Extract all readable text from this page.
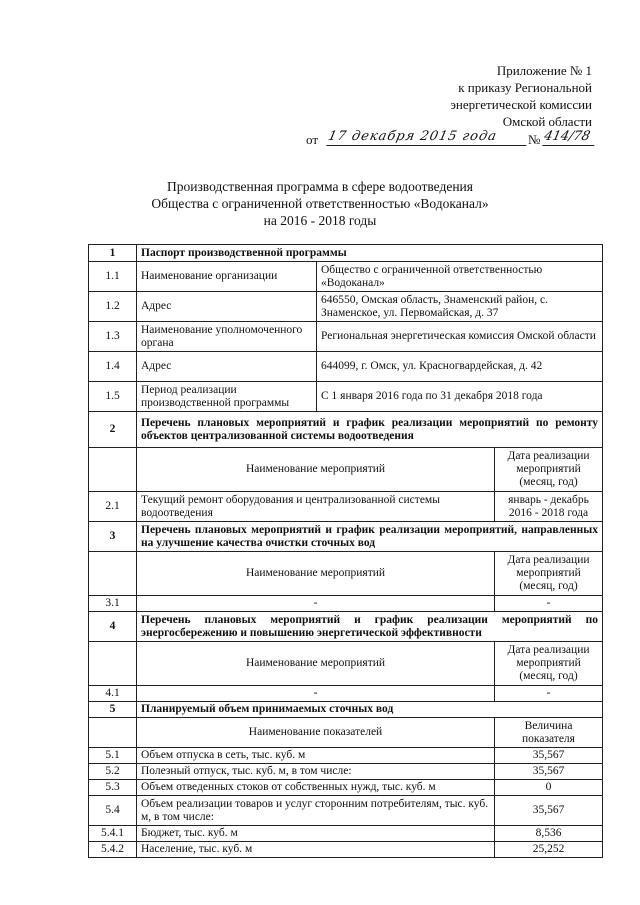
Приложение № 1
к приказу Региональной
энергетической комиссии
Омской области
от 17 декабря 2015 года	№ 414/78
Производственная программа в сфере водоотведения
Общества с ограниченной ответственностью «Водоканал»
на 2016 - 2018 годы
1	Паспорт производственной программы		
1.1	Наименование организации	Общество с ограниченной ответственностью «Водоканал»	
1.2	Адрес	646550, Омская область, Знаменский район, с. Знаменское, ул. Первомайская, д. 37	
1.3	Наименование уполномоченного органа	Региональная энергетическая комиссия Омской области	
1.4	Адрес	644099, г. Омск, ул. Красногвардейская, д. 42	
1.5	Период реализации производственной программы	С 1 января 2016 года по 31 декабря 2018 года	
2	Перечень плановых мероприятий и график реализации мероприятий по ремонту объектов централизованной системы водоотведения		
	Наименование мероприятий		Дата реализации мероприятий (месяц, год)
2.1	Текущий ремонт оборудования и централизованной системы водоотведения		январь - декабрь 2016 - 2018 года
3	Перечень плановых мероприятий и график реализации мероприятий, направленных на улучшение качества очистки сточных вод		
	Наименование мероприятий		Дата реализации мероприятий (месяц, год)
3.1	-		-
4	Перечень плановых мероприятий и график реализации мероприятий по энергосбережению и повышению энергетической эффективности		
	Наименование мероприятий		Дата реализации мероприятий (месяц, год)
4.1	-		-
5	Планируемый объем принимаемых сточных вод		
	Наименование показателей		Величина показателя
5.1	Объем отпуска в сеть, тыс. куб. м		35,567
5.2	Полезный отпуск, тыс. куб. м, в том числе:		35,567
5.3	Объем отведенных стоков от собственных нужд, тыс. куб. м		0
5.4	Объем реализации товаров и услуг сторонним потребителям, тыс. куб. м, в том числе:		35,567
5.4.1	Бюджет, тыс. куб. м		8,536
5.4.2	Население, тыс. куб. м		25,252
